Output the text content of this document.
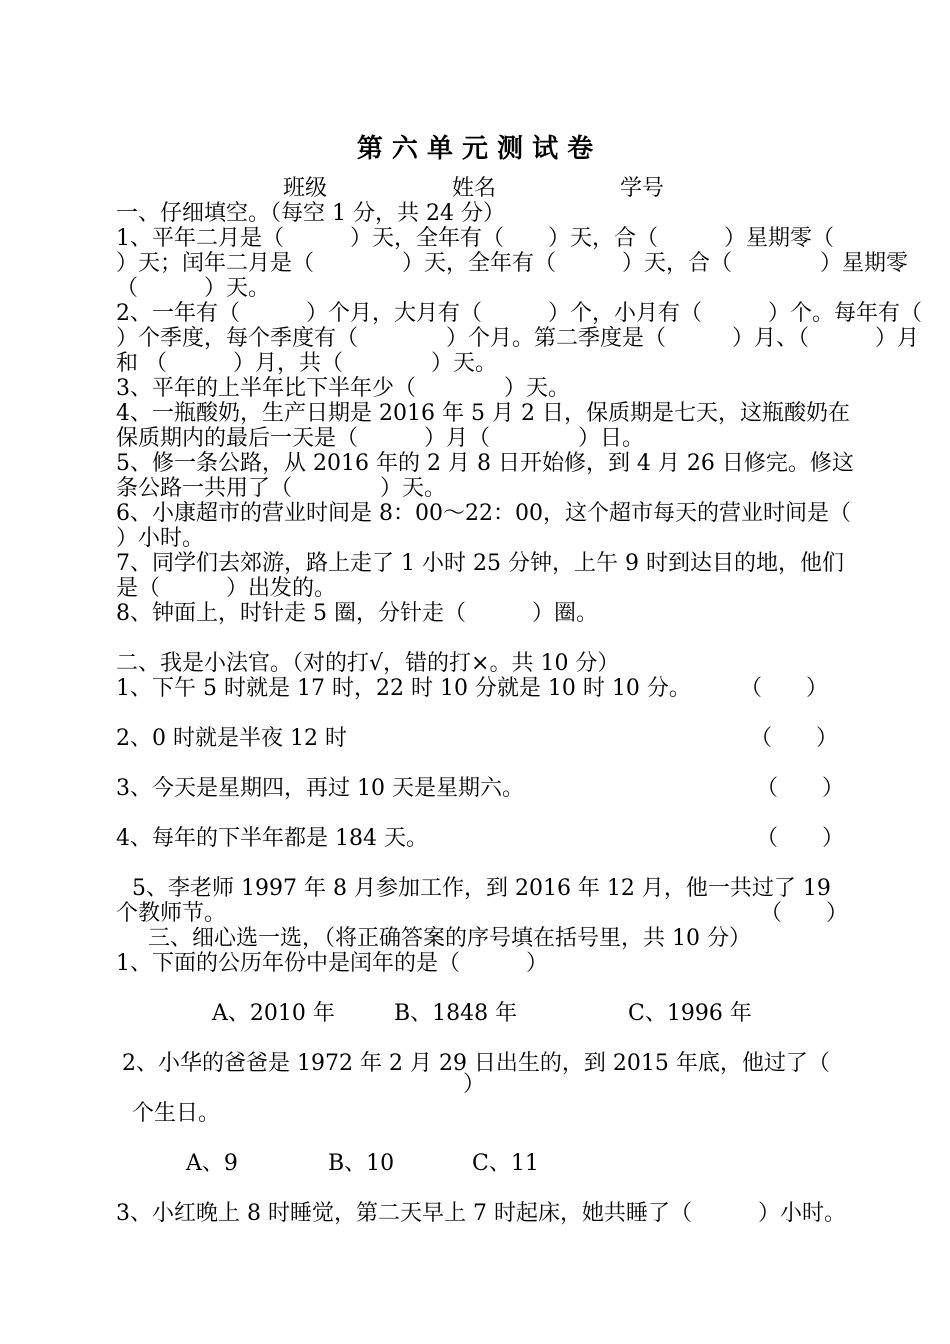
第 六 单 元 测 试 卷
班级	姓名	学号
一、仔细填空。（每空 1 分，共 24 分）
1、平年二月是（　　　）天，全年有（　　）天，合（　　　）星期零（
）天；闰年二月是（　　　　）天，全年有（　　　）天，合（　　　　）星期零
（　　　）天。
2、一年有（　　　）个月，大月有（　　　）个，小月有（　　　）个。每年有（
）个季度，每个季度有（　　　　）个月。第二季度是（　　　）月、（　　　）月
和 （　　　）月，共（　　　　）天。
3、平年的上半年比下半年少（　　　　）天。
4、一瓶酸奶，生产日期是 2016 年 5 月 2 日，保质期是七天，这瓶酸奶在
保质期内的最后一天是（　　　）月（　　　　）日。
5、修一条公路，从 2016 年的 2 月 8 日开始修，到 4 月 26 日修完。修这
条公路一共用了（　　　　）天。
6、小康超市的营业时间是 8：00～22：00，这个超市每天的营业时间是（
）小时。
7、同学们去郊游，路上走了 1 小时 25 分钟，上午 9 时到达目的地，他们
是（　　　）出发的。
8、钟面上，时针走 5 圈，分针走（　　　）圈。
二、我是小法官。（对的打√，错的打×。共 10 分）
1、下午 5 时就是 17 时，22 时 10 分就是 10 时 10 分。 （　　）
2、0 时就是半夜 12 时	（　　）
3、今天是星期四，再过 10 天是星期六。	（　　）
4、每年的下半年都是 184 天。	（　　）
5、李老师 1997 年 8 月参加工作，到 2016 年 12 月，他一共过了 19
个教师节。	（　　）
三、细心选一选，（将正确答案的序号填在括号里，共 10 分）
1、下面的公历年份中是闰年的是（　　　）
A、2010 年	B、1848 年	C、1996 年
2、小华的爸爸是 1972 年 2 月 29 日出生的，到 2015 年底，他过了（
）
个生日。
A、9	B、10	C、11
3、小红晚上 8 时睡觉，第二天早上 7 时起床，她共睡了（　　　）小时。
